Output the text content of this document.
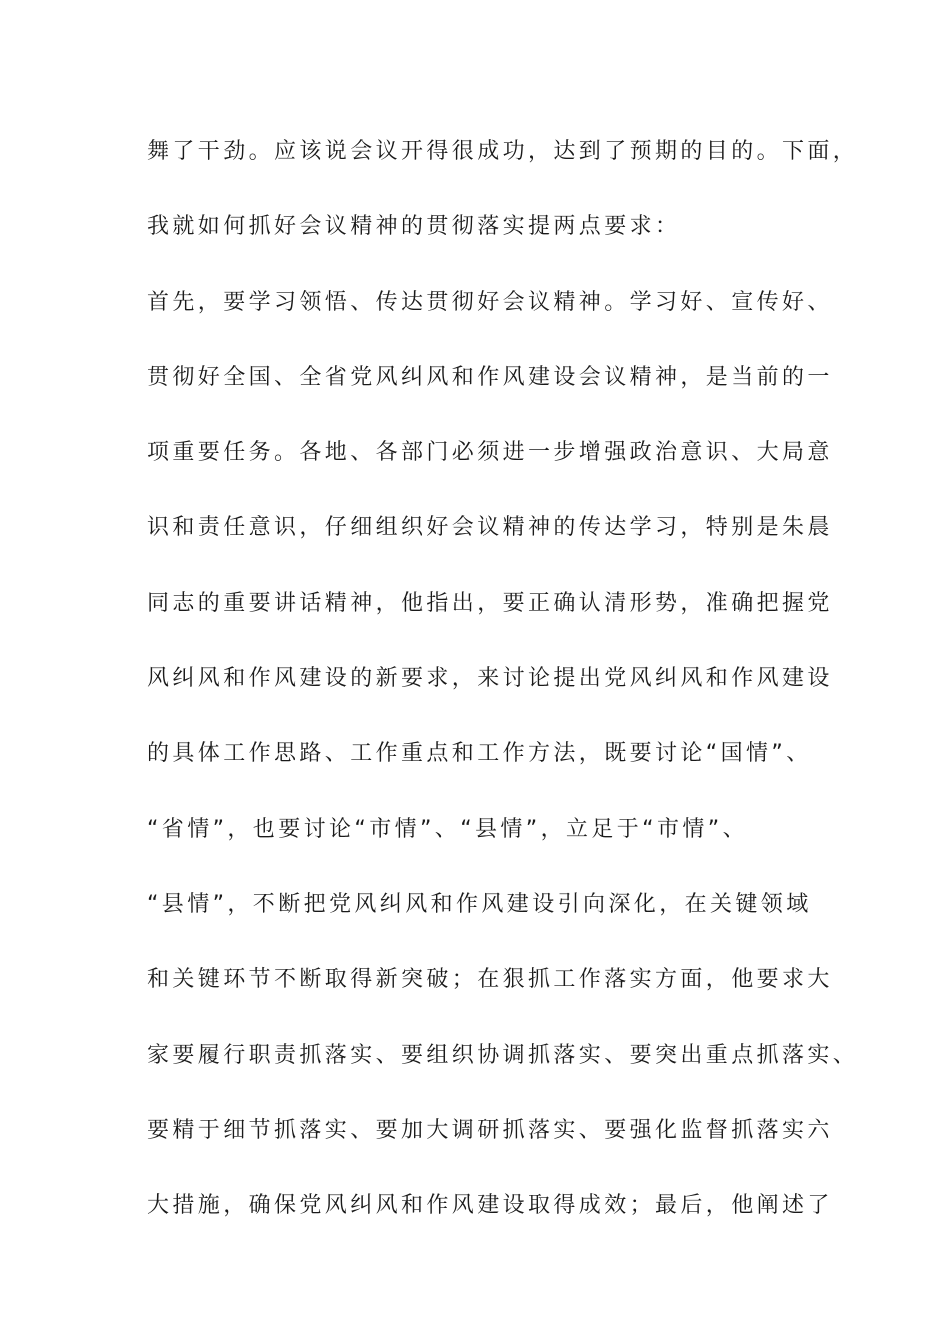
舞了干劲。应该说会议开得很成功，达到了预期的目的。下面，
我就如何抓好会议精神的贯彻落实提两点要求：
首先，要学习领悟、传达贯彻好会议精神。学习好、宣传好、
贯彻好全国、全省党风纠风和作风建设会议精神，是当前的一
项重要任务。各地、各部门必须进一步增强政治意识、大局意
识和责任意识，仔细组织好会议精神的传达学习，特别是朱晨
同志的重要讲话精神，他指出，要正确认清形势，准确把握党
风纠风和作风建设的新要求，来讨论提出党风纠风和作风建设
的具体工作思路、工作重点和工作方法，既要讨论“国情”、
“省情”，也要讨论“市情”、“县情”，立足于“市情”、
“县情”，不断把党风纠风和作风建设引向深化，在关键领域
和关键环节不断取得新突破；在狠抓工作落实方面，他要求大
家要履行职责抓落实、要组织协调抓落实、要突出重点抓落实、
要精于细节抓落实、要加大调研抓落实、要强化监督抓落实六
大措施，确保党风纠风和作风建设取得成效；最后，他阐述了
